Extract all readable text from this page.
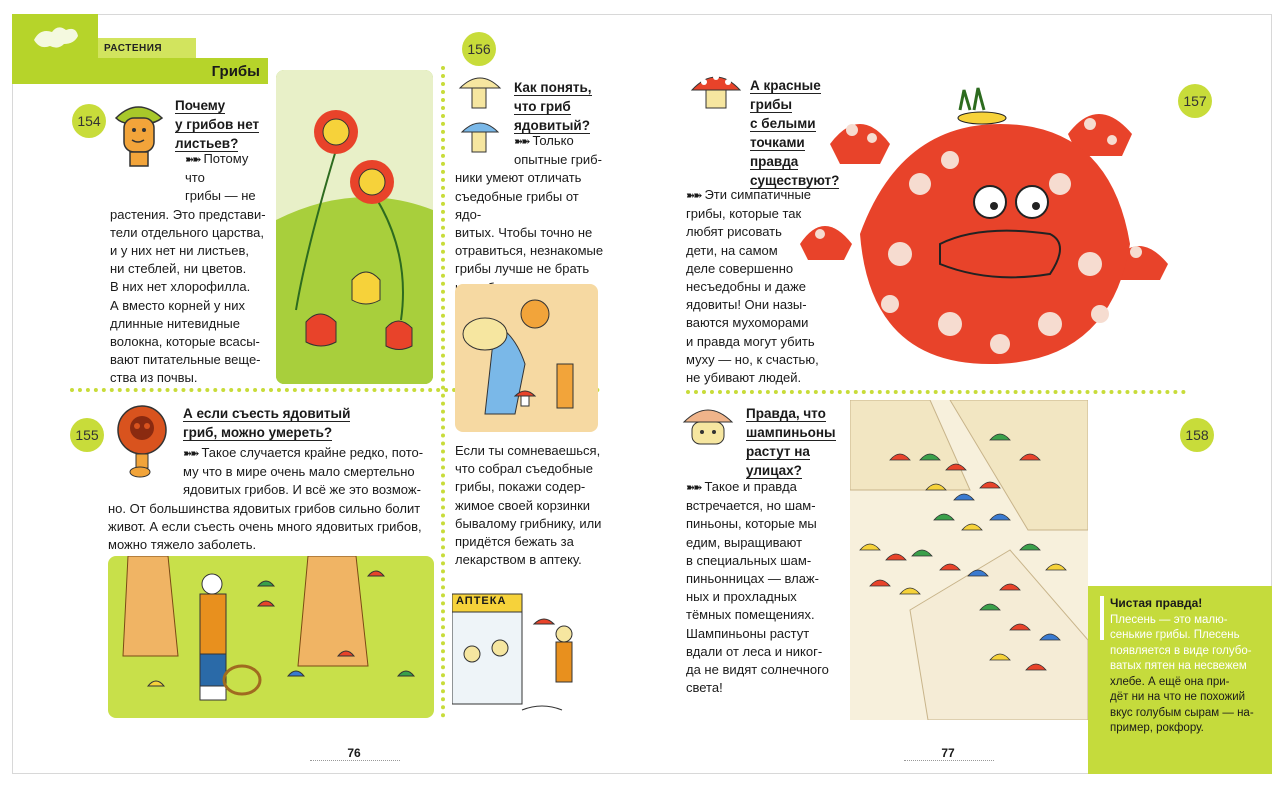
РАСТЕНИЯ
Грибы
154
Почему
у грибов нет
листьев?
➽➽ Потому что
грибы — не
растения. Это представи-
тели отдельного царства,
и у них нет ни листьев,
ни стеблей, ни цветов.
В них нет хлорофилла.
А вместо корней у них
длинные нитевидные
волокна, которые всасы-
вают питательные веще-
ства из почвы.
155
А если съесть ядовитый
гриб, можно умереть?
➽➽ Такое случается крайне редко, пото-
му что в мире очень мало смертельно
ядовитых грибов. И всё же это возмож-
но. От большинства ядовитых грибов сильно болит
живот. А если съесть очень много ядовитых грибов,
можно тяжело заболеть.
156
Как понять,
что гриб
ядовитый?
➽➽ Только
опытные гриб-
ники умеют отличать
съедобные грибы от ядо-
витых. Чтобы точно не
отравиться, незнакомые
грибы лучше не брать
Если ты сомневаешься,
что собрал съедобные
грибы, покажи содер-
жимое своей корзинки
бывалому грибнику, или
придётся бежать за
лекарством в аптеку.
АПТЕКА
А красные
грибы
с белыми
точками
правда
существуют?
➽➽ Эти симпатичные
грибы, которые так
любят рисовать
дети, на самом
деле совершенно
несъедобны и даже
ядовиты! Они назы-
ваются мухоморами
и правда могут убить
муху — но, к счастью,
не убивают людей.
157
Правда, что
шампиньоны
растут на
улицах?
➽➽ Такое и правда
встречается, но шам-
пиньоны, которые мы
едим, выращивают
в специальных шам-
пиньонницах — влаж-
ных и прохладных
тёмных помещениях.
Шампиньоны растут
вдали от леса и никог-
да не видят солнечного
света!
158
Чистая правда!
Плесень — это малю-
сенькие грибы. Плесень
появляется в виде голубо-
ватых пятен на несвежем
хлебе. А ещё она при-
дёт ни на что не похожий
вкус голубым сырам — на-
пример, рокфору.
76	77
